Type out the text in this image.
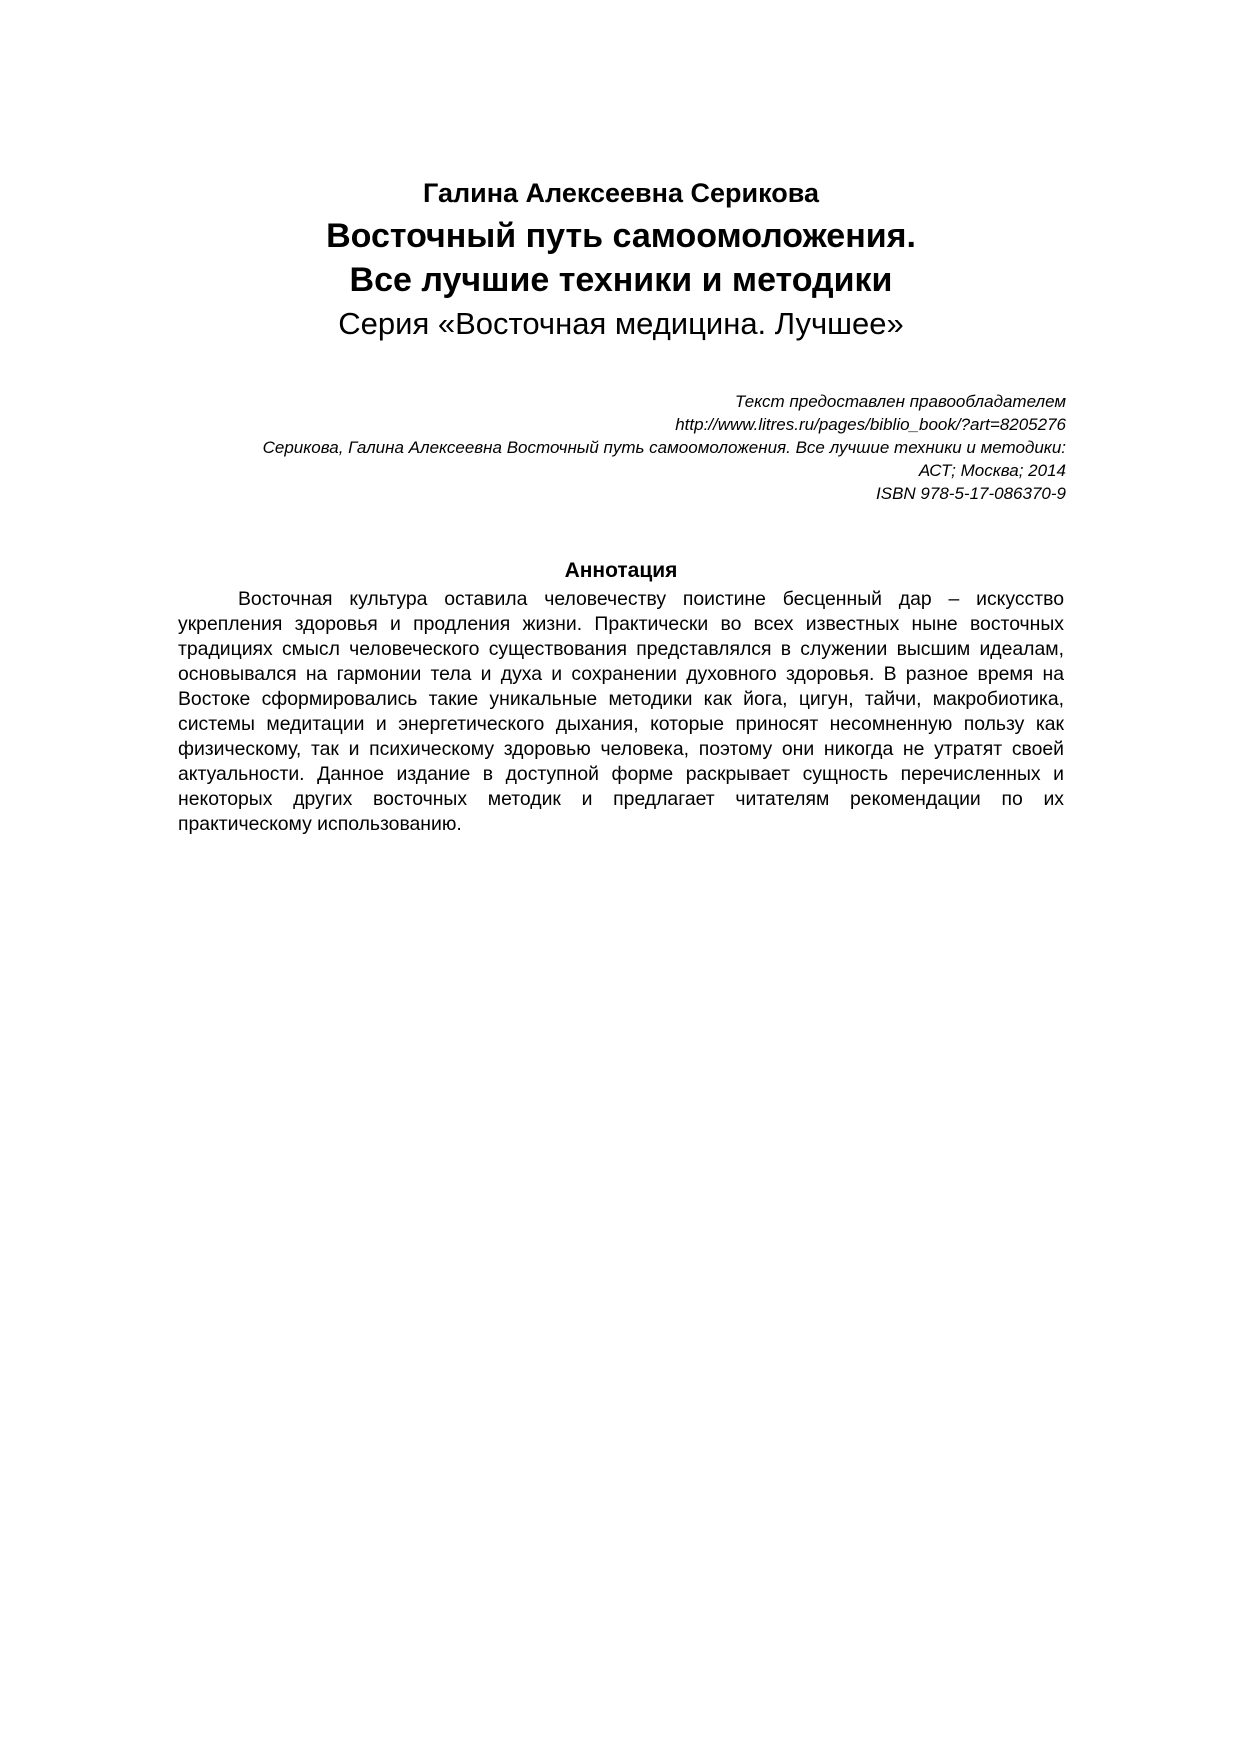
Галина Алексеевна Серикова

Восточный путь самоомоложения.

Все лучшие техники и методики

Серия «Восточная медицина. Лучшее»

Текст предоставлен правообладателем
http://www.litres.ru/pages/biblio_book/?art=8205276
Серикова, Галина Алексеевна Восточный путь самоомоложения. Все лучшие техники и методики:
АСТ; Москва; 2014
ISBN 978-5-17-086370-9

Аннотация

Восточная культура оставила человечеству поистине бесценный дар – искусство укрепления здоровья и продления жизни. Практически во всех известных ныне восточных традициях смысл человеческого существования представлялся в служении высшим идеалам, основывался на гармонии тела и духа и сохранении духовного здоровья. В разное время на Востоке сформировались такие уникальные методики как йога, цигун, тайчи, макробиотика, системы медитации и энергетического дыхания, которые приносят несомненную пользу как физическому, так и психическому здоровью человека, поэтому они никогда не утратят своей актуальности. Данное издание в доступной форме раскрывает сущность перечисленных и некоторых других восточных методик и предлагает читателям рекомендации по их практическому использованию.
